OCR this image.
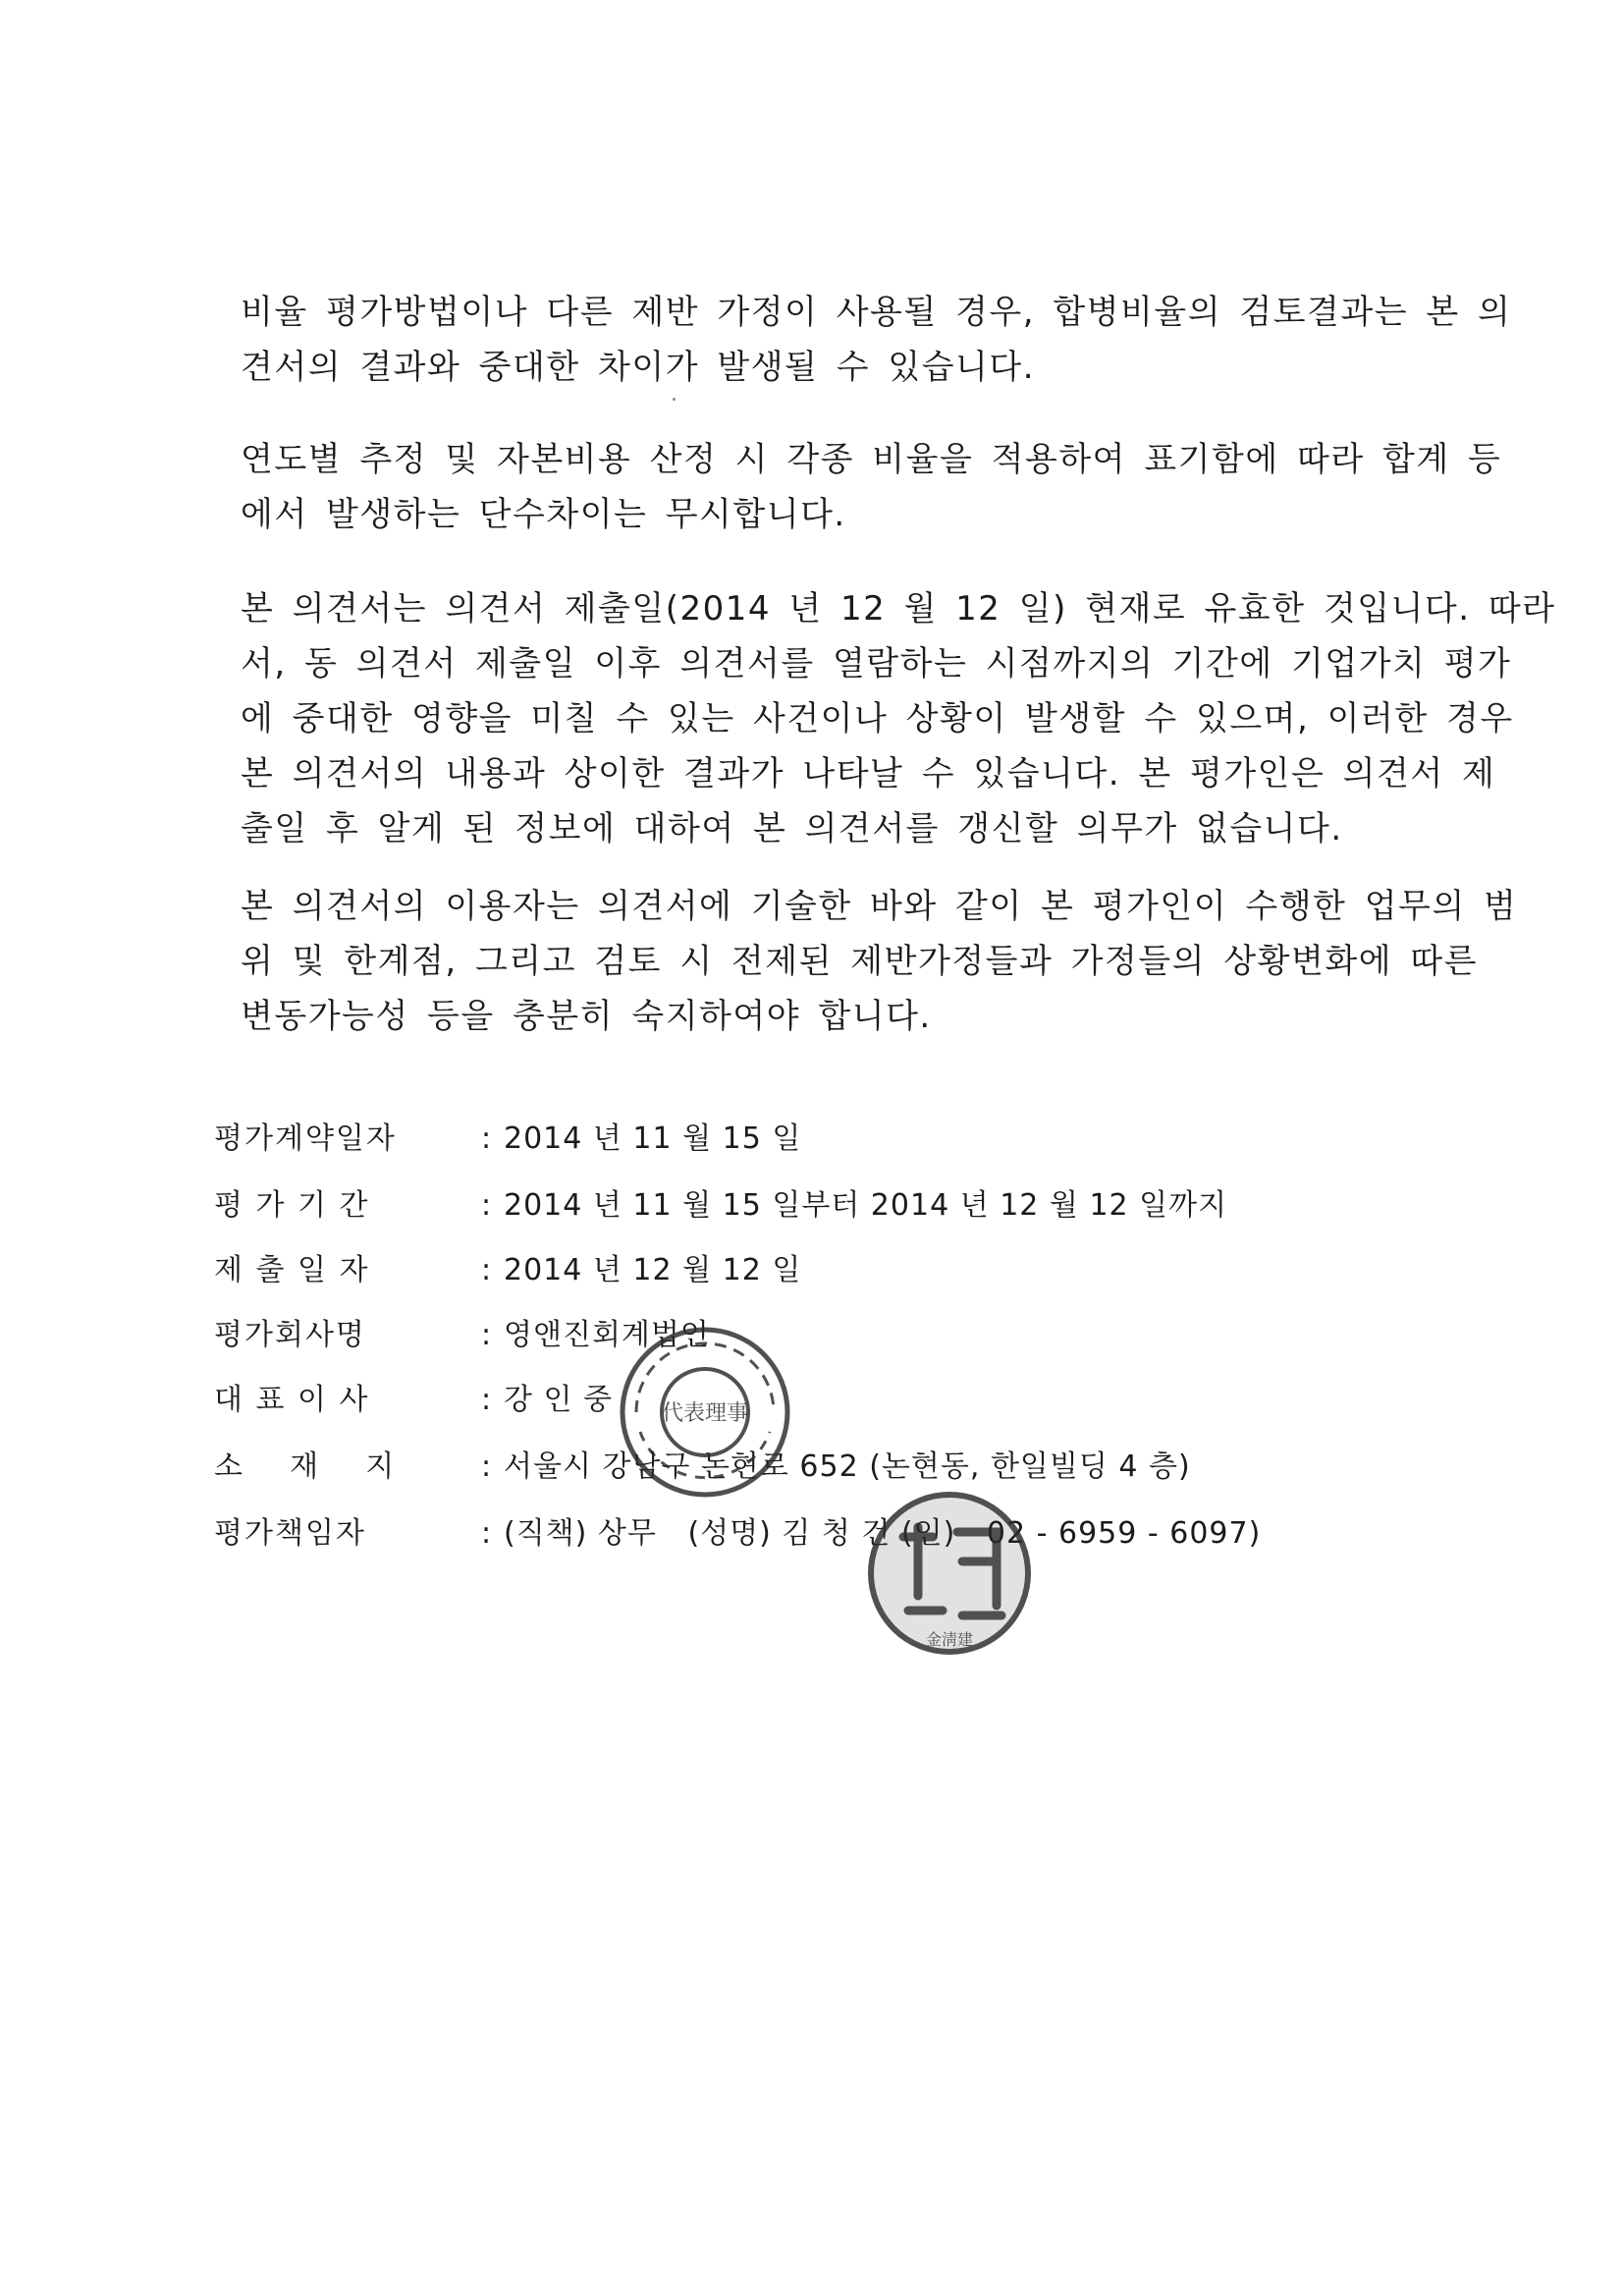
비율 평가방법이나 다른 제반 가정이 사용될 경우, 합병비율의 검토결과는 본 의
견서의 결과와 중대한 차이가 발생될 수 있습니다.
연도별 추정 및 자본비용 산정 시 각종 비율을 적용하여 표기함에 따라 합계 등
에서 발생하는 단수차이는 무시합니다.
본 의견서는 의견서 제출일(2014 년 12 월 12 일) 현재로 유효한 것입니다. 따라
서, 동 의견서 제출일 이후 의견서를 열람하는 시점까지의 기간에 기업가치 평가
에 중대한 영향을 미칠 수 있는 사건이나 상황이 발생할 수 있으며, 이러한 경우
본 의견서의 내용과 상이한 결과가 나타날 수 있습니다. 본 평가인은 의견서 제
출일 후 알게 된 정보에 대하여 본 의견서를 갱신할 의무가 없습니다.
본 의견서의 이용자는 의견서에 기술한 바와 같이 본 평가인이 수행한 업무의 범
위 및 한계점, 그리고 검토 시 전제된 제반가정들과 가정들의 상황변화에 따른
변동가능성 등을 충분히 숙지하여야 합니다.
평가계약일자	: 2014 년 11 월 15 일
평 가 기 간	: 2014 년 11 월 15 일부터 2014 년 12 월 12 일까지
제 출 일 자	: 2014 년 12 월 12 일
평가회사명	: 영앤진회계법인
대 표 이 사	: 강 인 중
소    재    지	: 서울시 강남구 논현로 652 (논현동, 한일빌딩 4 층)
평가책임자	: (직책) 상무   (성명) 김 청 건 (인)   02 - 6959 - 6097)
代表理事
金淸建
